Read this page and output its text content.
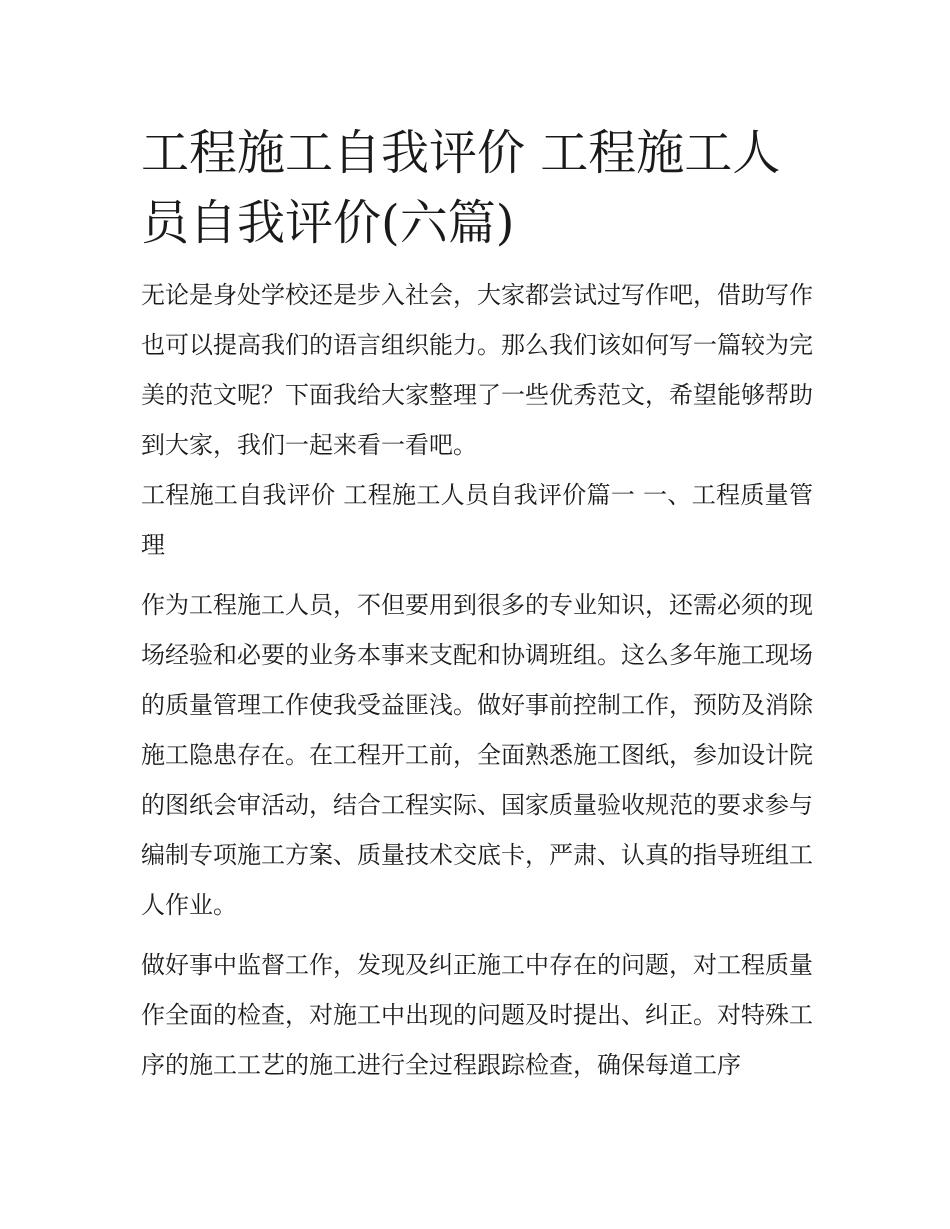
工程施工自我评价 工程施工人员自我评价(六篇)

无论是身处学校还是步入社会，大家都尝试过写作吧，借助写作也可以提高我们的语言组织能力。那么我们该如何写一篇较为完美的范文呢？下面我给大家整理了一些优秀范文，希望能够帮助到大家，我们一起来看一看吧。

工程施工自我评价 工程施工人员自我评价篇一 一、工程质量管理

作为工程施工人员，不但要用到很多的专业知识，还需必须的现场经验和必要的业务本事来支配和协调班组。这么多年施工现场的质量管理工作使我受益匪浅。做好事前控制工作，预防及消除施工隐患存在。在工程开工前，全面熟悉施工图纸，参加设计院的图纸会审活动，结合工程实际、国家质量验收规范的要求参与编制专项施工方案、质量技术交底卡，严肃、认真的指导班组工人作业。

做好事中监督工作，发现及纠正施工中存在的问题，对工程质量作全面的检查，对施工中出现的问题及时提出、纠正。对特殊工序的施工工艺的施工进行全过程跟踪检查，确保每道工序
